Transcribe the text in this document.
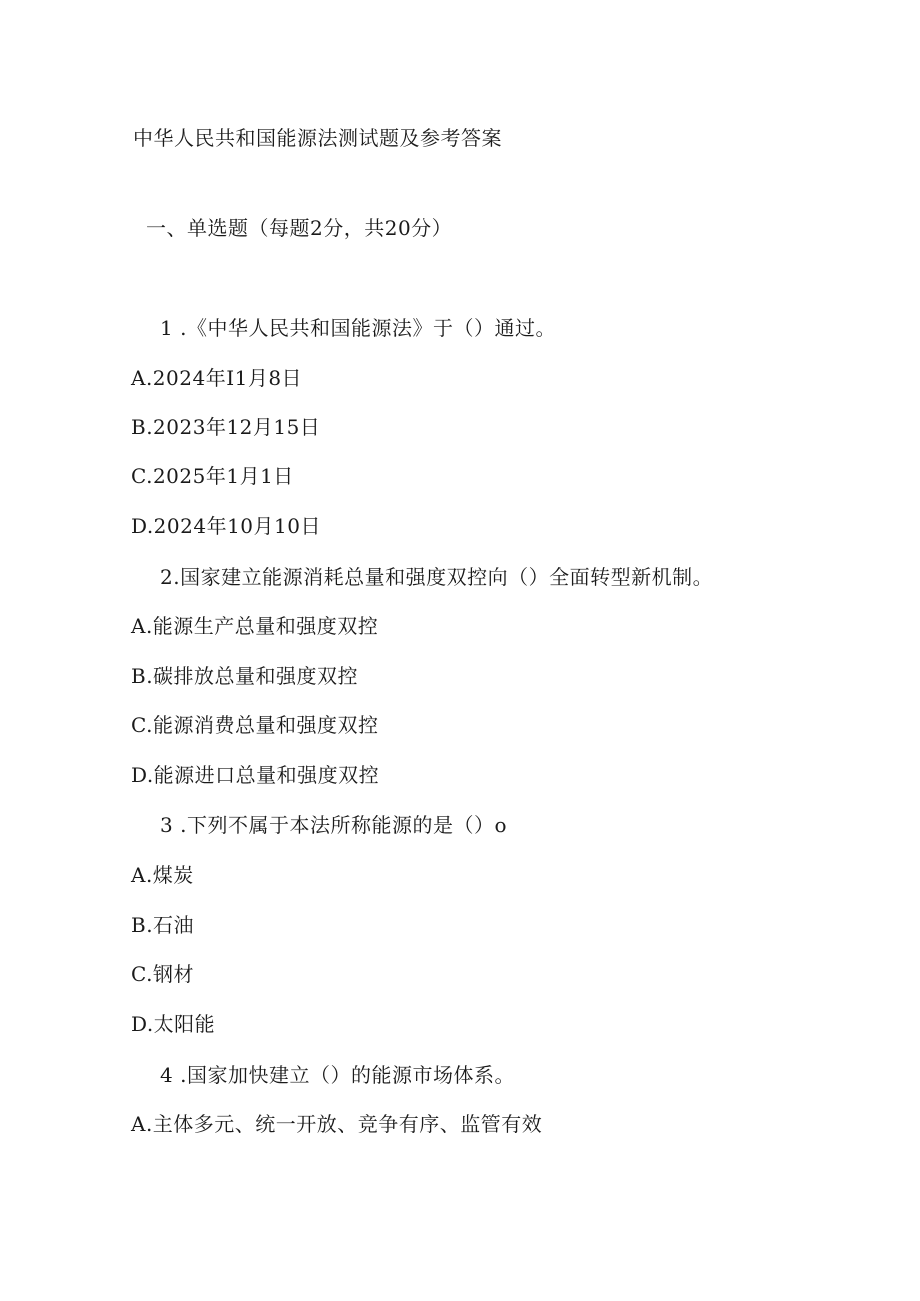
中华人民共和国能源法测试题及参考答案
一、单选题（每题2分，共20分）
1 .《中华人民共和国能源法》于（）通过。
A.2024年I1月8日
B.2023年12月15日
C.2025年1月1日
D.2024年10月10日
2.国家建立能源消耗总量和强度双控向（）全面转型新机制。
A.能源生产总量和强度双控
B.碳排放总量和强度双控
C.能源消费总量和强度双控
D.能源进口总量和强度双控
3 .下列不属于本法所称能源的是（）o
A.煤炭
B.石油
C.钢材
D.太阳能
4 .国家加快建立（）的能源市场体系。
A.主体多元、统一开放、竞争有序、监管有效
